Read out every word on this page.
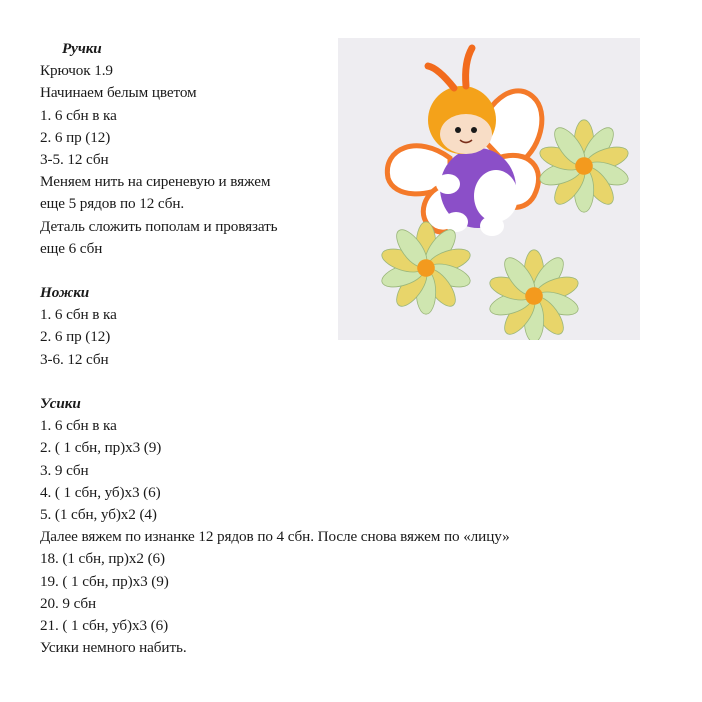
Ручки
Крючок 1.9
Начинаем белым цветом
1. 6 сбн в ка
2. 6 пр (12)
3-5. 12 сбн
Меняем нить на сиреневую и вяжем
еще 5 рядов по 12 сбн.
Деталь сложить пополам и провязать
еще 6 сбн
Ножки
1. 6 сбн в ка
2. 6 пр (12)
3-6. 12 сбн
Усики
1. 6 сбн в ка
2. ( 1 сбн, пр)х3 (9)
3. 9 сбн
4. ( 1 сбн, уб)х3 (6)
5. (1 сбн, уб)х2 (4)
Далее вяжем по изнанке 12 рядов по 4 сбн. После снова вяжем по «лицу»
18. (1 сбн, пр)х2 (6)
19. ( 1 сбн, пр)х3 (9)
20. 9 сбн
21. ( 1 сбн, уб)х3 (6)
Усики немного набить.
